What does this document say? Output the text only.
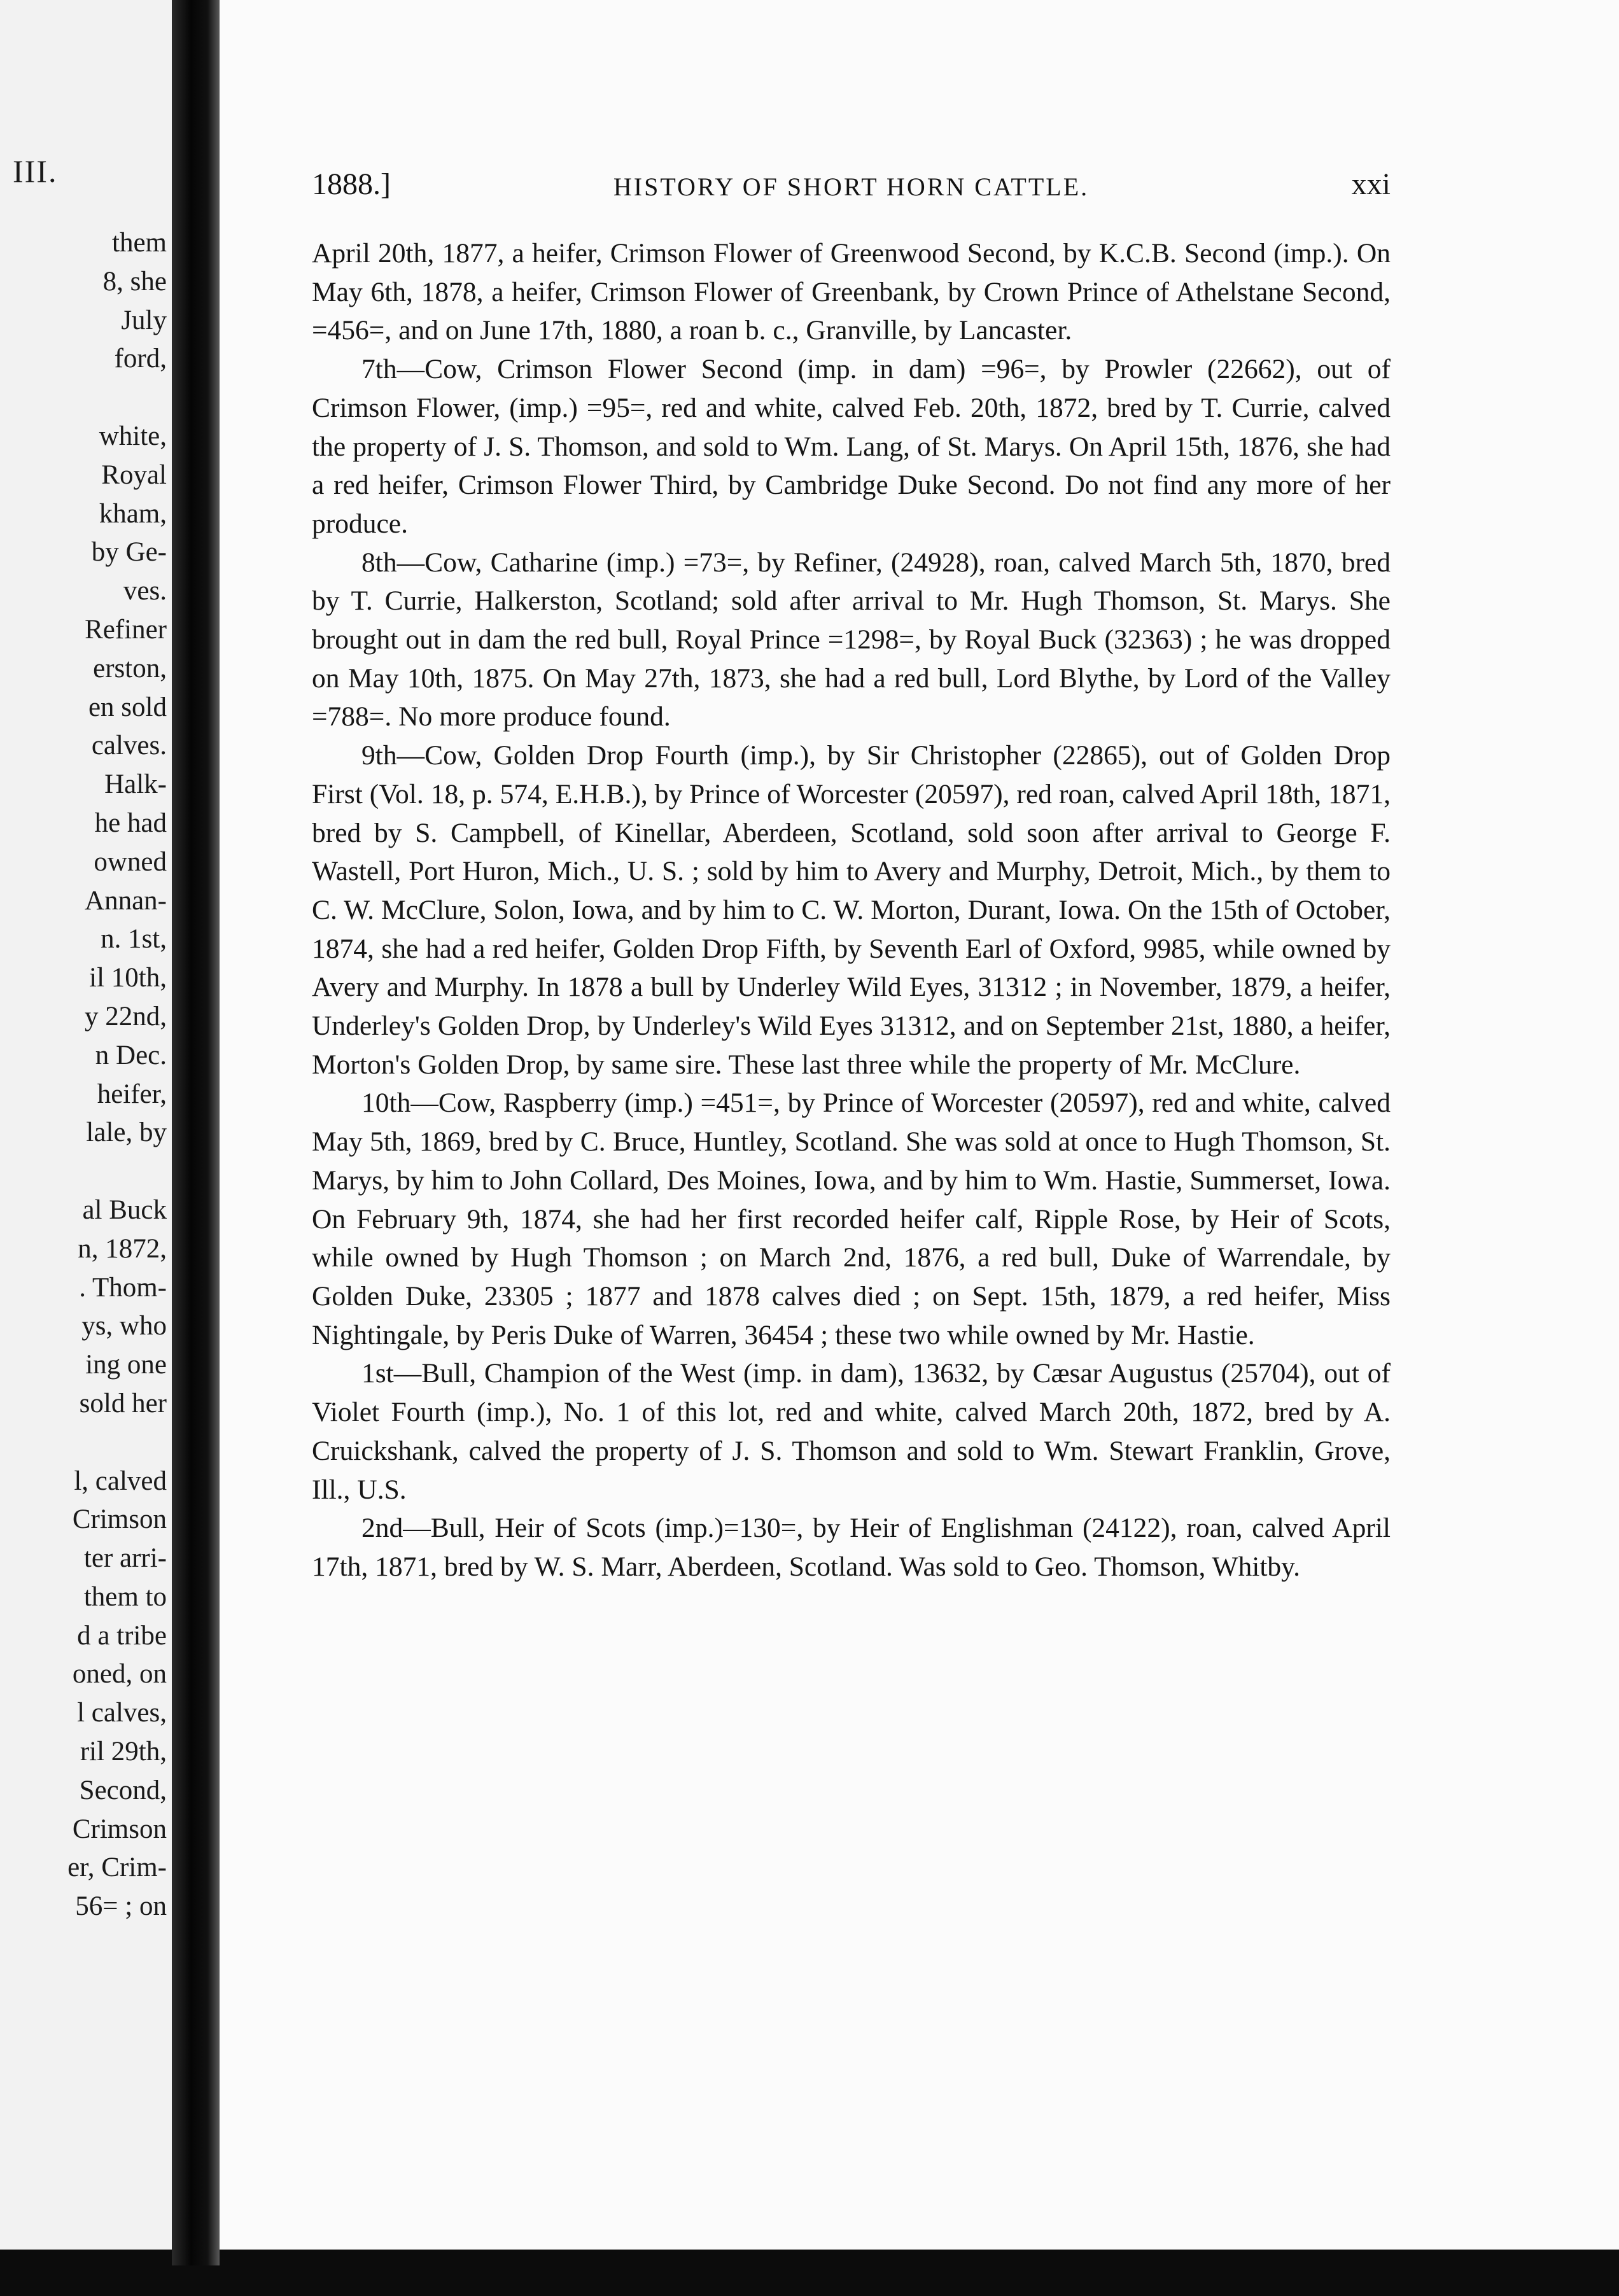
III.
them
8, she
July
ford,
white,
Royal
kham,
by Ge-
ves.
Refiner
erston,
en sold
calves.
Halk-
he had
owned
Annan-
n. 1st,
il 10th,
y 22nd,
n Dec.
heifer,
lale, by
al Buck
n, 1872,
. Thom-
ys, who
ing one
sold her
l, calved
Crimson
ter arri-
them to
d a tribe
oned, on
l calves,
ril 29th,
Second,
Crimson
er, Crim-
56= ; on
1888.]	HISTORY OF SHORT HORN CATTLE.	xxi

April 20th, 1877, a heifer, Crimson Flower of Greenwood Second, by K.C.B. Second (imp.). On May 6th, 1878, a heifer, Crimson Flower of Greenbank, by Crown Prince of Athelstane Second, =456=, and on June 17th, 1880, a roan b. c., Granville, by Lancaster.

7th—Cow, Crimson Flower Second (imp. in dam) =96=, by Prowler (22662), out of Crimson Flower, (imp.) =95=, red and white, calved Feb. 20th, 1872, bred by T. Currie, calved the property of J. S. Thomson, and sold to Wm. Lang, of St. Marys. On April 15th, 1876, she had a red heifer, Crimson Flower Third, by Cambridge Duke Second. Do not find any more of her produce.

8th—Cow, Catharine (imp.) =73=, by Refiner, (24928), roan, calved March 5th, 1870, bred by T. Currie, Halkerston, Scotland; sold after arrival to Mr. Hugh Thomson, St. Marys. She brought out in dam the red bull, Royal Prince =1298=, by Royal Buck (32363) ; he was dropped on May 10th, 1875. On May 27th, 1873, she had a red bull, Lord Blythe, by Lord of the Valley =788=. No more produce found.

9th—Cow, Golden Drop Fourth (imp.), by Sir Christopher (22865), out of Golden Drop First (Vol. 18, p. 574, E.H.B.), by Prince of Worcester (20597), red roan, calved April 18th, 1871, bred by S. Campbell, of Kinellar, Aberdeen, Scotland, sold soon after arrival to George F. Wastell, Port Huron, Mich., U. S. ; sold by him to Avery and Murphy, Detroit, Mich., by them to C. W. McClure, Solon, Iowa, and by him to C. W. Morton, Durant, Iowa. On the 15th of October, 1874, she had a red heifer, Golden Drop Fifth, by Seventh Earl of Oxford, 9985, while owned by Avery and Murphy. In 1878 a bull by Underley Wild Eyes, 31312 ; in November, 1879, a heifer, Underley's Golden Drop, by Underley's Wild Eyes 31312, and on September 21st, 1880, a heifer, Morton's Golden Drop, by same sire. These last three while the property of Mr. McClure.

10th—Cow, Raspberry (imp.) =451=, by Prince of Worcester (20597), red and white, calved May 5th, 1869, bred by C. Bruce, Huntley, Scotland. She was sold at once to Hugh Thomson, St. Marys, by him to John Collard, Des Moines, Iowa, and by him to Wm. Hastie, Summerset, Iowa. On February 9th, 1874, she had her first recorded heifer calf, Ripple Rose, by Heir of Scots, while owned by Hugh Thomson ; on March 2nd, 1876, a red bull, Duke of Warrendale, by Golden Duke, 23305 ; 1877 and 1878 calves died ; on Sept. 15th, 1879, a red heifer, Miss Nightingale, by Peris Duke of Warren, 36454 ; these two while owned by Mr. Hastie.

1st—Bull, Champion of the West (imp. in dam), 13632, by Cæsar Augustus (25704), out of Violet Fourth (imp.), No. 1 of this lot, red and white, calved March 20th, 1872, bred by A. Cruickshank, calved the property of J. S. Thomson and sold to Wm. Stewart Franklin, Grove, Ill., U.S.

2nd—Bull, Heir of Scots (imp.)=130=, by Heir of Englishman (24122), roan, calved April 17th, 1871, bred by W. S. Marr, Aberdeen, Scotland. Was sold to Geo. Thomson, Whitby.
